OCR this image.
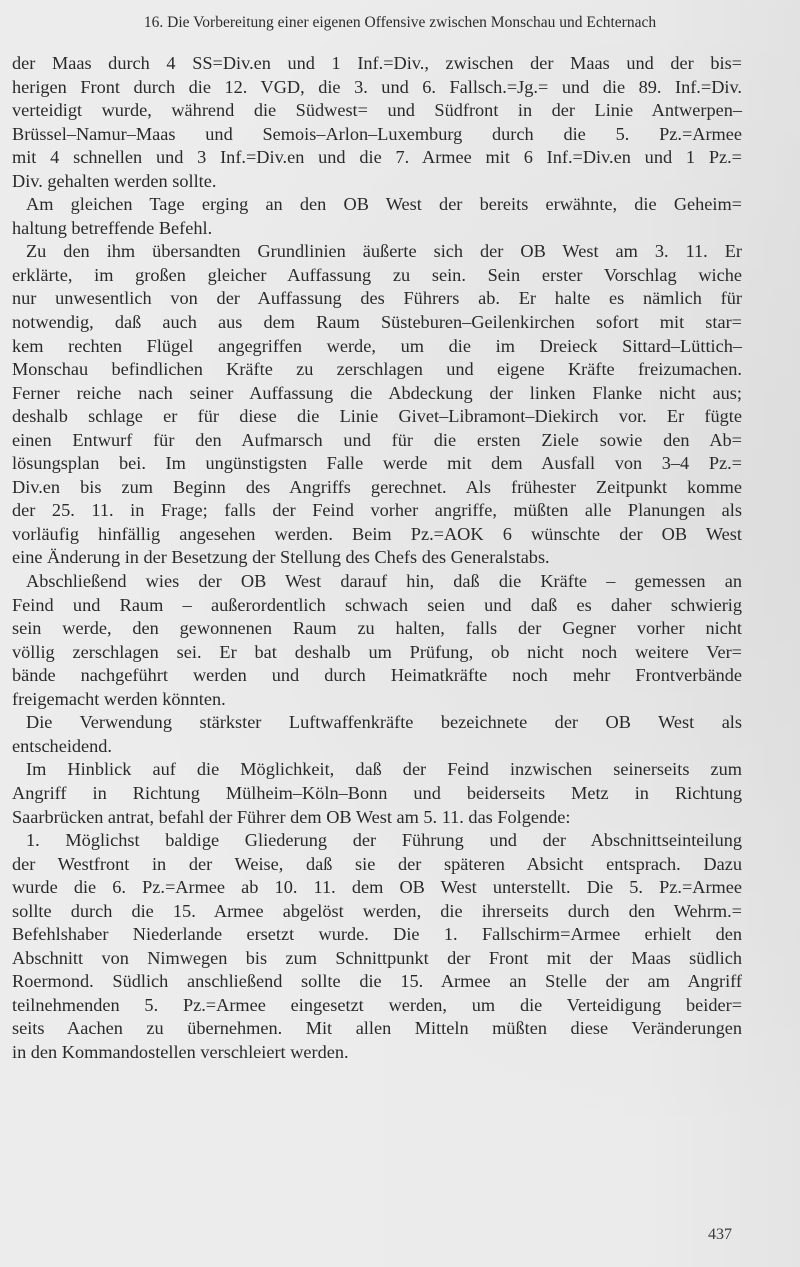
16. Die Vorbereitung einer eigenen Offensive zwischen Monschau und Echternach
der Maas durch 4 SS=Div.en und 1 Inf.=Div., zwischen der Maas und der bis=
herigen Front durch die 12. VGD, die 3. und 6. Fallsch.=Jg.= und die 89. Inf.=Div.
verteidigt wurde, während die Südwest= und Südfront in der Linie Antwerpen–
Brüssel–Namur–Maas und Semois–Arlon–Luxemburg durch die 5. Pz.=Armee
mit 4 schnellen und 3 Inf.=Div.en und die 7. Armee mit 6 Inf.=Div.en und 1 Pz.=
Div. gehalten werden sollte.
Am gleichen Tage erging an den OB West der bereits erwähnte, die Geheim=
haltung betreffende Befehl.
Zu den ihm übersandten Grundlinien äußerte sich der OB West am 3. 11. Er
erklärte, im großen gleicher Auffassung zu sein. Sein erster Vorschlag wiche
nur unwesentlich von der Auffassung des Führers ab. Er halte es nämlich für
notwendig, daß auch aus dem Raum Süsteburen–Geilenkirchen sofort mit star=
kem rechten Flügel angegriffen werde, um die im Dreieck Sittard–Lüttich–
Monschau befindlichen Kräfte zu zerschlagen und eigene Kräfte freizumachen.
Ferner reiche nach seiner Auffassung die Abdeckung der linken Flanke nicht aus;
deshalb schlage er für diese die Linie Givet–Libramont–Diekirch vor. Er fügte
einen Entwurf für den Aufmarsch und für die ersten Ziele sowie den Ab=
lösungsplan bei. Im ungünstigsten Falle werde mit dem Ausfall von 3–4 Pz.=
Div.en bis zum Beginn des Angriffs gerechnet. Als frühester Zeitpunkt komme
der 25. 11. in Frage; falls der Feind vorher angriffe, müßten alle Planungen als
vorläufig hinfällig angesehen werden. Beim Pz.=AOK 6 wünschte der OB West
eine Änderung in der Besetzung der Stellung des Chefs des Generalstabs.
Abschließend wies der OB West darauf hin, daß die Kräfte – gemessen an
Feind und Raum – außerordentlich schwach seien und daß es daher schwierig
sein werde, den gewonnenen Raum zu halten, falls der Gegner vorher nicht
völlig zerschlagen sei. Er bat deshalb um Prüfung, ob nicht noch weitere Ver=
bände nachgeführt werden und durch Heimatkräfte noch mehr Frontverbände
freigemacht werden könnten.
Die Verwendung stärkster Luftwaffenkräfte bezeichnete der OB West als
entscheidend.
Im Hinblick auf die Möglichkeit, daß der Feind inzwischen seinerseits zum
Angriff in Richtung Mülheim–Köln–Bonn und beiderseits Metz in Richtung
Saarbrücken antrat, befahl der Führer dem OB West am 5. 11. das Folgende:
1. Möglichst baldige Gliederung der Führung und der Abschnittseinteilung
der Westfront in der Weise, daß sie der späteren Absicht entsprach. Dazu
wurde die 6. Pz.=Armee ab 10. 11. dem OB West unterstellt. Die 5. Pz.=Armee
sollte durch die 15. Armee abgelöst werden, die ihrerseits durch den Wehrm.=
Befehlshaber Niederlande ersetzt wurde. Die 1. Fallschirm=Armee erhielt den
Abschnitt von Nimwegen bis zum Schnittpunkt der Front mit der Maas südlich
Roermond. Südlich anschließend sollte die 15. Armee an Stelle der am Angriff
teilnehmenden 5. Pz.=Armee eingesetzt werden, um die Verteidigung beider=
seits Aachen zu übernehmen. Mit allen Mitteln müßten diese Veränderungen
in den Kommandostellen verschleiert werden.
437
